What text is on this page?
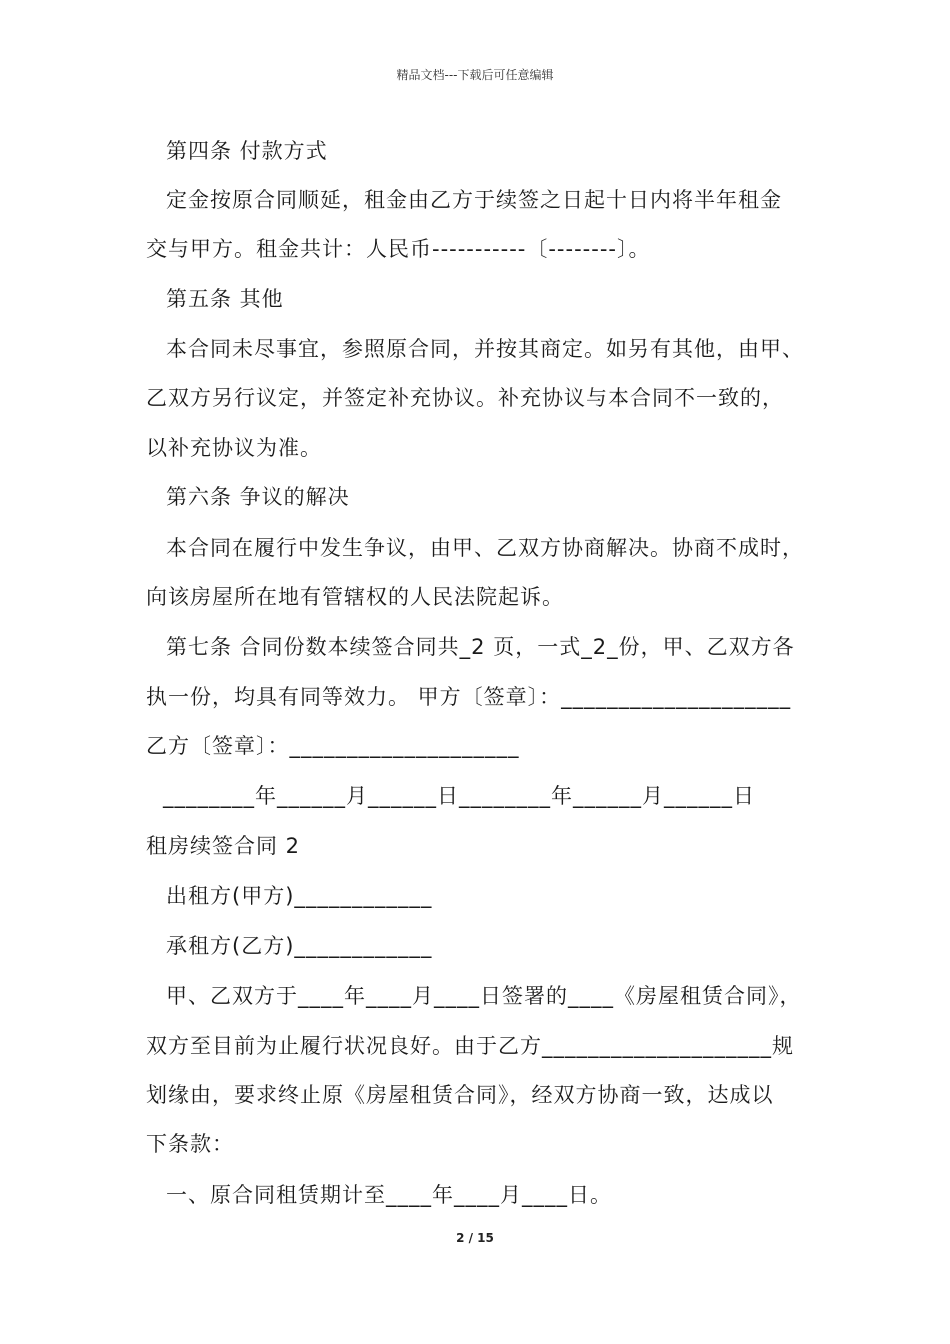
精品文档---下载后可任意编辑
第四条 付款方式
定金按原合同顺延，租金由乙方于续签之日起十日内将半年租金
交与甲方。租金共计：人民币-----------〔--------〕。
第五条 其他
本合同未尽事宜，参照原合同，并按其商定。如另有其他，由甲、
乙双方另行议定，并签定补充协议。补充协议与本合同不一致的，
以补充协议为准。
第六条 争议的解决
本合同在履行中发生争议，由甲、乙双方协商解决。协商不成时，
向该房屋所在地有管辖权的人民法院起诉。
第七条 合同份数本续签合同共_2 页，一式_2_份，甲、乙双方各
执一份，均具有同等效力。 甲方〔签章〕：____________________
乙方〔签章〕：____________________
________年______月______日________年______月______日
租房续签合同 2
出租方(甲方)____________
承租方(乙方)____________
甲、乙双方于____年____月____日签署的____《房屋租赁合同》，
双方至目前为止履行状况良好。由于乙方____________________规
划缘由，要求终止原《房屋租赁合同》，经双方协商一致，达成以
下条款：
一、原合同租赁期计至____年____月____日。
2 / 15
